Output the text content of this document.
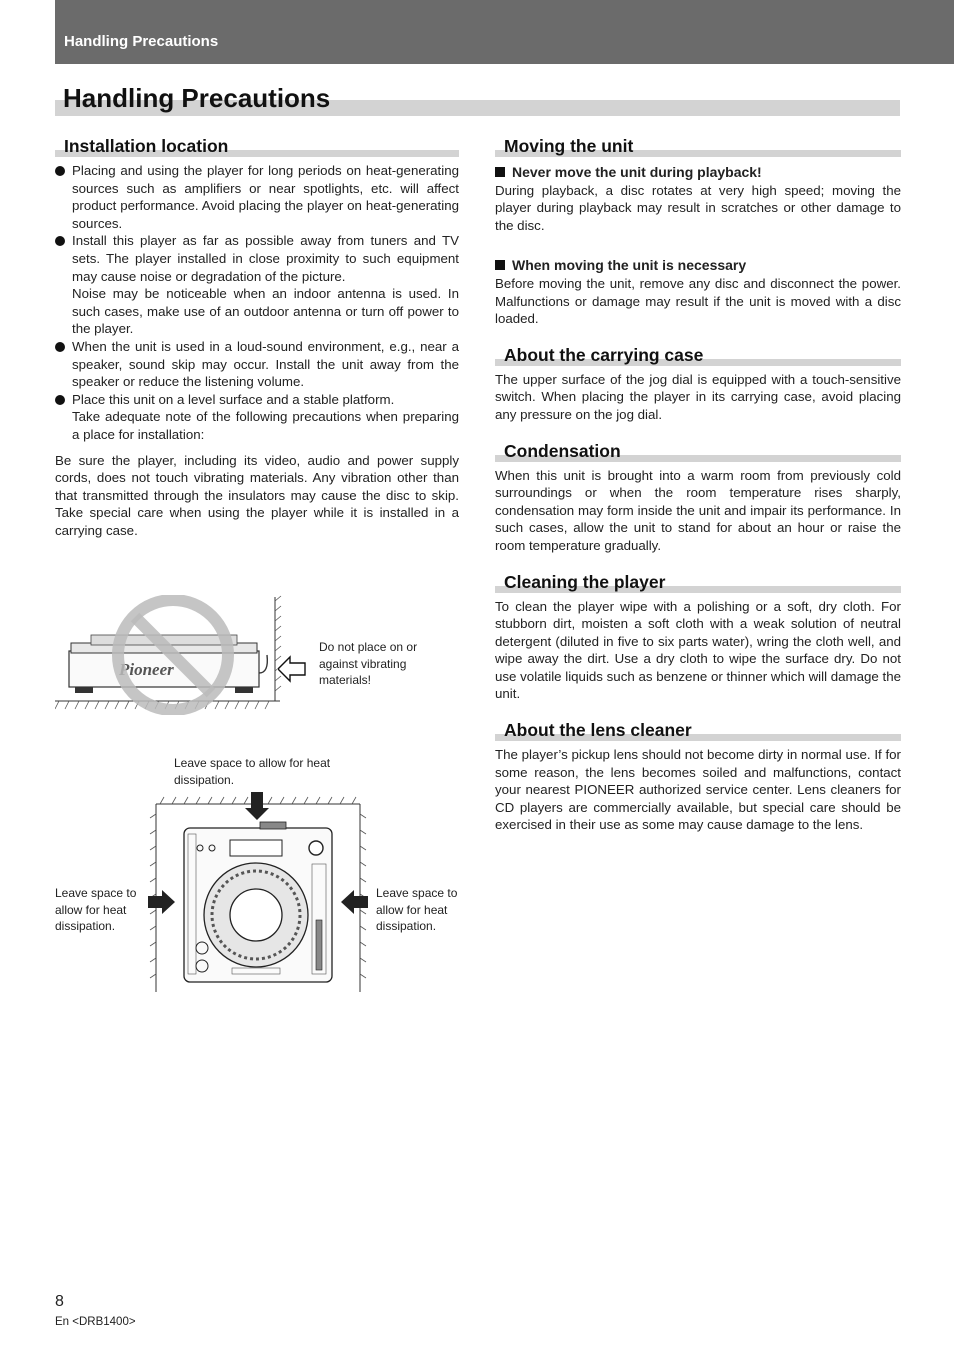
Handling Precautions
Handling Precautions
Installation location
Placing and using the player for long periods on heat-generating sources such as amplifiers or near spotlights, etc. will affect product performance. Avoid placing the player on heat-generating sources.
Install this player as far as possible away from tuners and TV sets. The player installed in close proximity to such equipment may cause noise or degradation of the picture.
Noise may be noticeable when an indoor antenna is used. In such cases, make use of an outdoor antenna or turn off power to the player.
When the unit is used in a loud-sound environment, e.g., near a speaker, sound skip may occur. Install the unit away from the speaker or reduce the listening volume.
Place this unit on a level surface and a stable platform.
Take adequate note of the following precautions when preparing a place for installation:

Be sure the player, including its video, audio and power supply cords, does not touch vibrating materials. Any vibration other than that transmitted through the insulators may cause the disc to skip. Take special care when using the player while it is installed in a carrying case.

Pioneer
Do not place on or against vibrating materials!
Leave space to allow for heat dissipation.
Leave space to allow for heat dissipation.
Leave space to allow for heat dissipation.
Moving the unit
Never move the unit during playback!

During playback, a disc rotates at very high speed; moving the player during playback may result in scratches or other damage to the disc.

When moving the unit is necessary

Before moving the unit, remove any disc and disconnect the power. Malfunctions or damage may result if the unit is moved with a disc loaded.

About the carrying case

The upper surface of the jog dial is equipped with a touch-sensitive switch. When placing the player in its carrying case, avoid placing any pressure on the jog dial.

Condensation

When this unit is brought into a warm room from previously cold surroundings or when the room temperature rises sharply, condensation may form inside the unit and impair its performance. In such cases, allow the unit to stand for about an hour or raise the room temperature gradually.

Cleaning the player

To clean the player wipe with a polishing or a soft, dry cloth. For stubborn dirt, moisten a soft cloth with a weak solution of neutral detergent (diluted in five to six parts water), wring the cloth well, and wipe away the dirt. Use a dry cloth to wipe the surface dry. Do not use volatile liquids such as benzene or thinner which will damage the unit.

About the lens cleaner

The player’s pickup lens should not become dirty in normal use. If for some reason, the lens becomes soiled and malfunctions, contact your nearest PIONEER authorized service center. Lens cleaners for CD players are commercially available, but special care should be exercised in their use as some may cause damage to the lens.

8
En <DRB1400>
